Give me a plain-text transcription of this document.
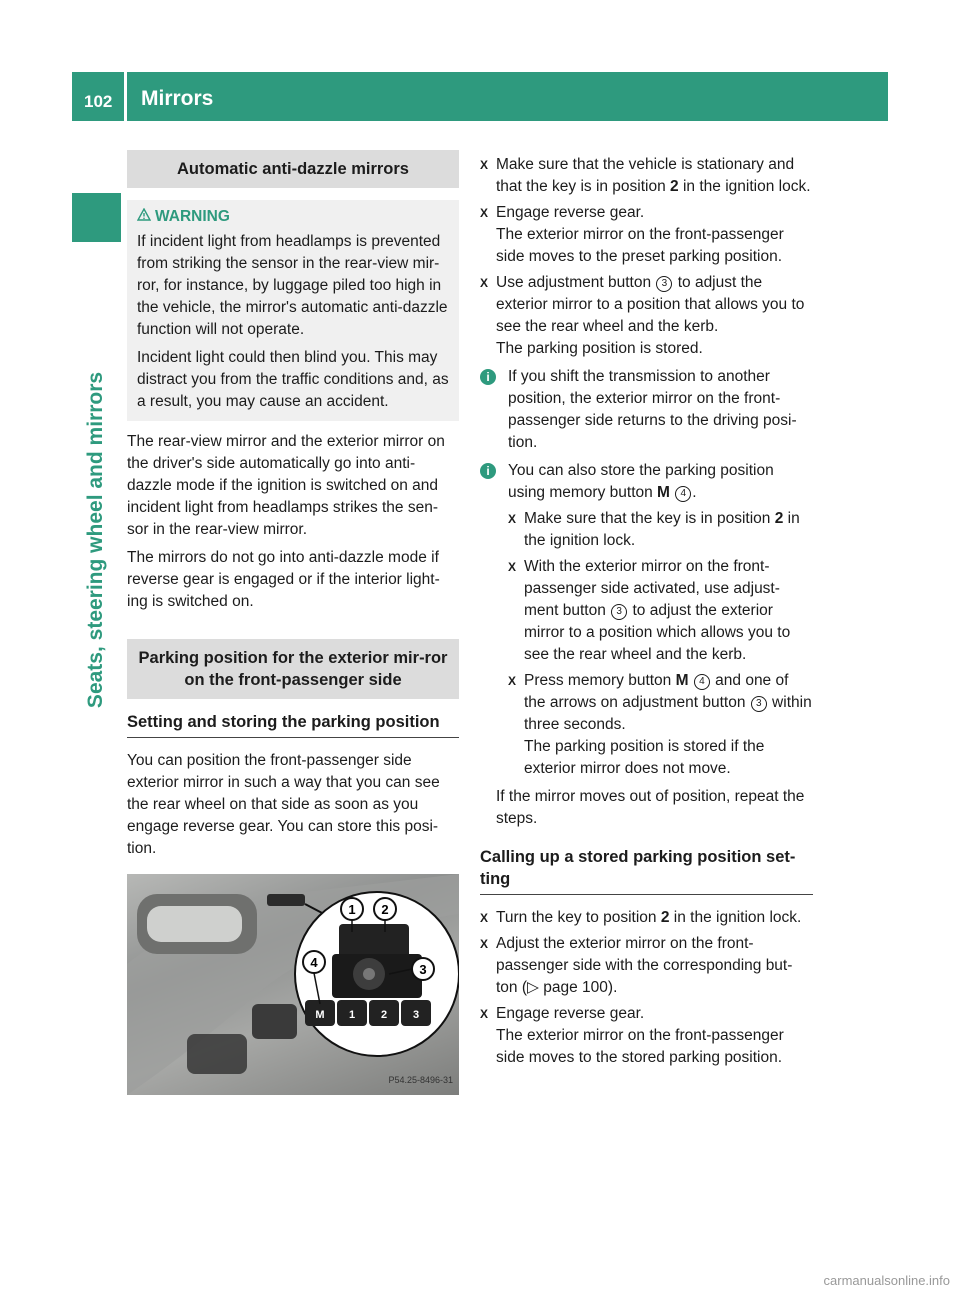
102 Mirrors
Seats, steering wheel and mirrors
Automatic anti-dazzle mirrors
WARNING

If incident light from headlamps is prevented from striking the sensor in the rear-view mir-ror, for instance, by luggage piled too high in the vehicle, the mirror's automatic anti-dazzle function will not operate.

Incident light could then blind you. This may distract you from the traffic conditions and, as a result, you may cause an accident.

The rear-view mirror and the exterior mirror on the driver's side automatically go into anti-dazzle mode if the ignition is switched on and incident light from headlamps strikes the sen-sor in the rear-view mirror.

The mirrors do not go into anti-dazzle mode if reverse gear is engaged or if the interior light-ing is switched on.

Parking position for the exterior mir-ror on the front-passenger side
Setting and storing the parking position

You can position the front-passenger side exterior mirror in such a way that you can see the rear wheel on that side as soon as you engage reverse gear. You can store this posi-tion.

1 2
3
4
M 1 2 3
P54.25-8496-31
X Make sure that the vehicle is stationary and that the key is in position 2 in the ignition lock.
X Engage reverse gear.
The exterior mirror on the front-passenger side moves to the preset parking position.
X Use adjustment button 3 to adjust the exterior mirror to a position that allows you to see the rear wheel and the kerb.
The parking position is stored.
i	If you shift the transmission to another position, the exterior mirror on the front-passenger side returns to the driving posi-tion.
i	You can also store the parking position using memory button M 4 .
X Make sure that the key is in position 2 in the ignition lock.
X With the exterior mirror on the front-passenger side activated, use adjust-ment button 3 to adjust the exterior mirror to a position which allows you to see the rear wheel and the kerb.
X Press memory button M 4 and one of the arrows on adjustment button 3 within three seconds.
The parking position is stored if the exterior mirror does not move.

If the mirror moves out of position, repeat the steps.

Calling up a stored parking position set-ting
X Turn the key to position 2 in the ignition lock.
X Adjust the exterior mirror on the front-passenger side with the corresponding but-ton (▷ page 100).
X Engage reverse gear.
The exterior mirror on the front-passenger side moves to the stored parking position.
carmanualsonline.info
